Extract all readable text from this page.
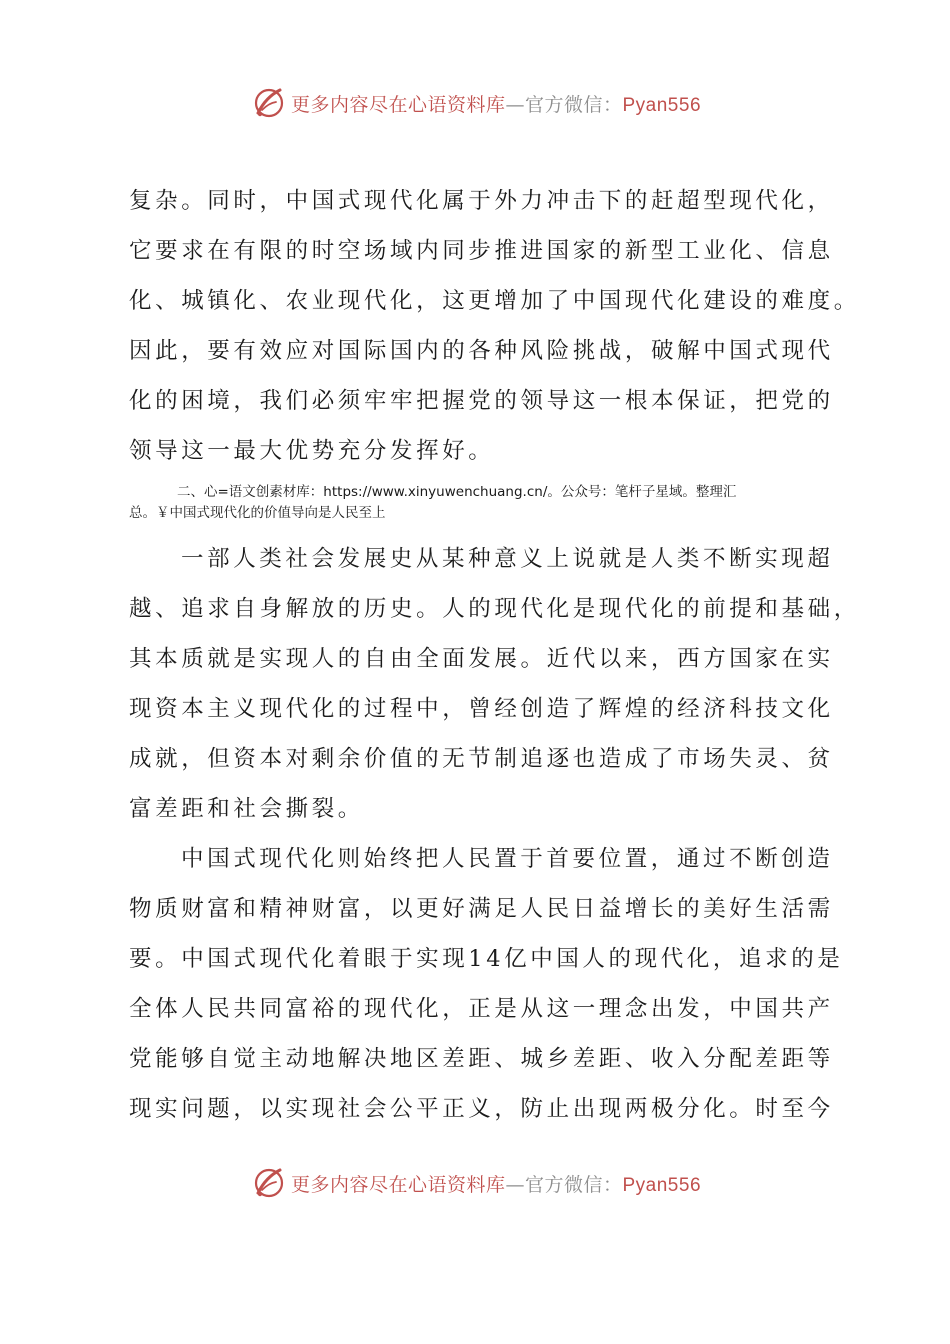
更多内容尽在心语资料库—官方微信：Pyan556
复杂。同时，中国式现代化属于外力冲击下的赶超型现代化，
它要求在有限的时空场域内同步推进国家的新型工业化、信息
化、城镇化、农业现代化，这更增加了中国现代化建设的难度。
因此，要有效应对国际国内的各种风险挑战，破解中国式现代
化的困境，我们必须牢牢把握党的领导这一根本保证，把党的
领导这一最大优势充分发挥好。
二、心=语文创素材库：https://www.xinyuwenchuang.cn/。公众号：笔杆子星域。整理汇
总。￥中国式现代化的价值导向是人民至上
一部人类社会发展史从某种意义上说就是人类不断实现超
越、追求自身解放的历史。人的现代化是现代化的前提和基础，
其本质就是实现人的自由全面发展。近代以来，西方国家在实
现资本主义现代化的过程中，曾经创造了辉煌的经济科技文化
成就，但资本对剩余价值的无节制追逐也造成了市场失灵、贫
富差距和社会撕裂。
中国式现代化则始终把人民置于首要位置，通过不断创造
物质财富和精神财富，以更好满足人民日益增长的美好生活需
要。中国式现代化着眼于实现14亿中国人的现代化，追求的是
全体人民共同富裕的现代化，正是从这一理念出发，中国共产
党能够自觉主动地解决地区差距、城乡差距、收入分配差距等
现实问题，以实现社会公平正义，防止出现两极分化。时至今
更多内容尽在心语资料库—官方微信：Pyan556
